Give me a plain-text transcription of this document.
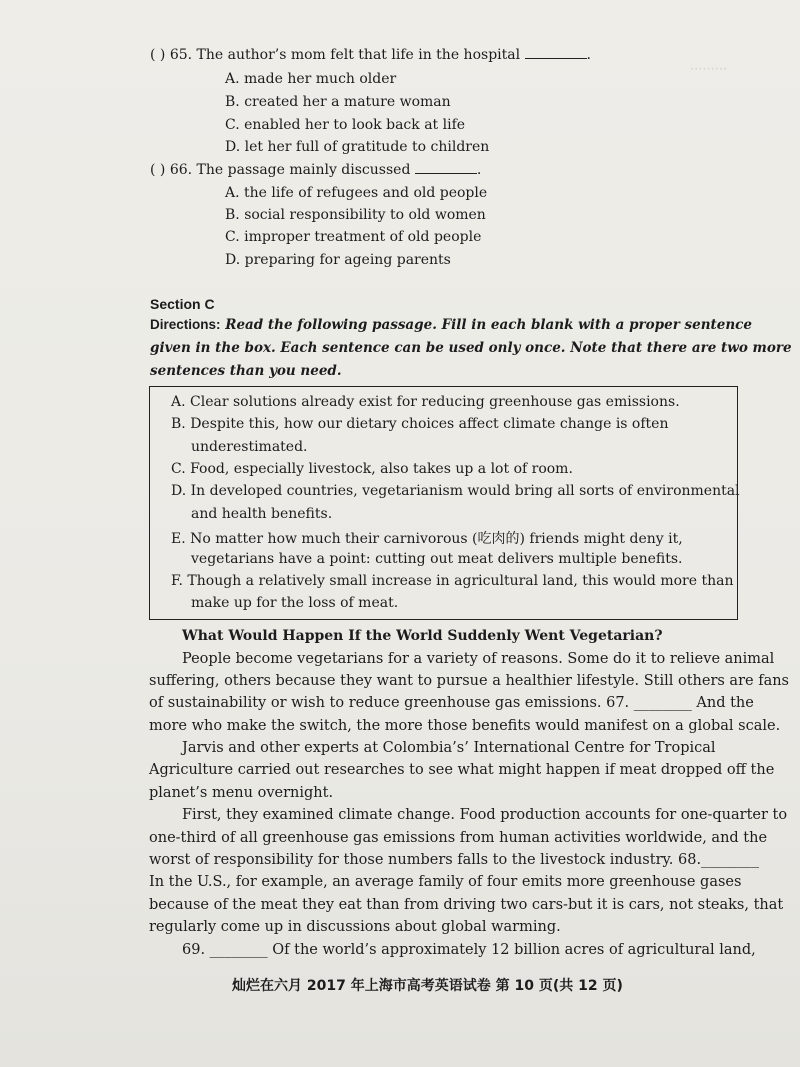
·········
( ) 65. The author’s mom felt that life in the hospital	.
A. made her much older
B. created her a mature woman
C. enabled her to look back at life
D. let her full of gratitude to children
( ) 66. The passage mainly discussed	.
A. the life of refugees and old people
B. social responsibility to old women
C. improper treatment of old people
D. preparing for ageing parents
Section C
Directions: Read the following passage. Fill in each blank with a proper sentence
given in the box. Each sentence can be used only once. Note that there are two more
sentences than you need.
A. Clear solutions already exist for reducing greenhouse gas emissions.
B. Despite this, how our dietary choices affect climate change is often
underestimated.
C. Food, especially livestock, also takes up a lot of room.
D. In developed countries, vegetarianism would bring all sorts of environmental
and health benefits.
E. No matter how much their carnivorous (吃肉的) friends might deny it,
vegetarians have a point: cutting out meat delivers multiple benefits.
F. Though a relatively small increase in agricultural land, this would more than
make up for the loss of meat.
What Would Happen If the World Suddenly Went Vegetarian?
People become vegetarians for a variety of reasons. Some do it to relieve animal
suffering, others because they want to pursue a healthier lifestyle. Still others are fans
of sustainability or wish to reduce greenhouse gas emissions. 67. ________ And the
more who make the switch, the more those benefits would manifest on a global scale.
Jarvis and other experts at Colombia’s’ International Centre for Tropical
Agriculture carried out researches to see what might happen if meat dropped off the
planet’s menu overnight.
First, they examined climate change. Food production accounts for one-quarter to
one-third of all greenhouse gas emissions from human activities worldwide, and the
worst of responsibility for those numbers falls to the livestock industry. 68.________
In the U.S., for example, an average family of four emits more greenhouse gases
because of the meat they eat than from driving two cars-but it is cars, not steaks, that
regularly come up in discussions about global warming.
69. ________ Of the world’s approximately 12 billion acres of agricultural land,
灿烂在六月 2017 年上海市高考英语试卷 第 10 页(共 12 页)
